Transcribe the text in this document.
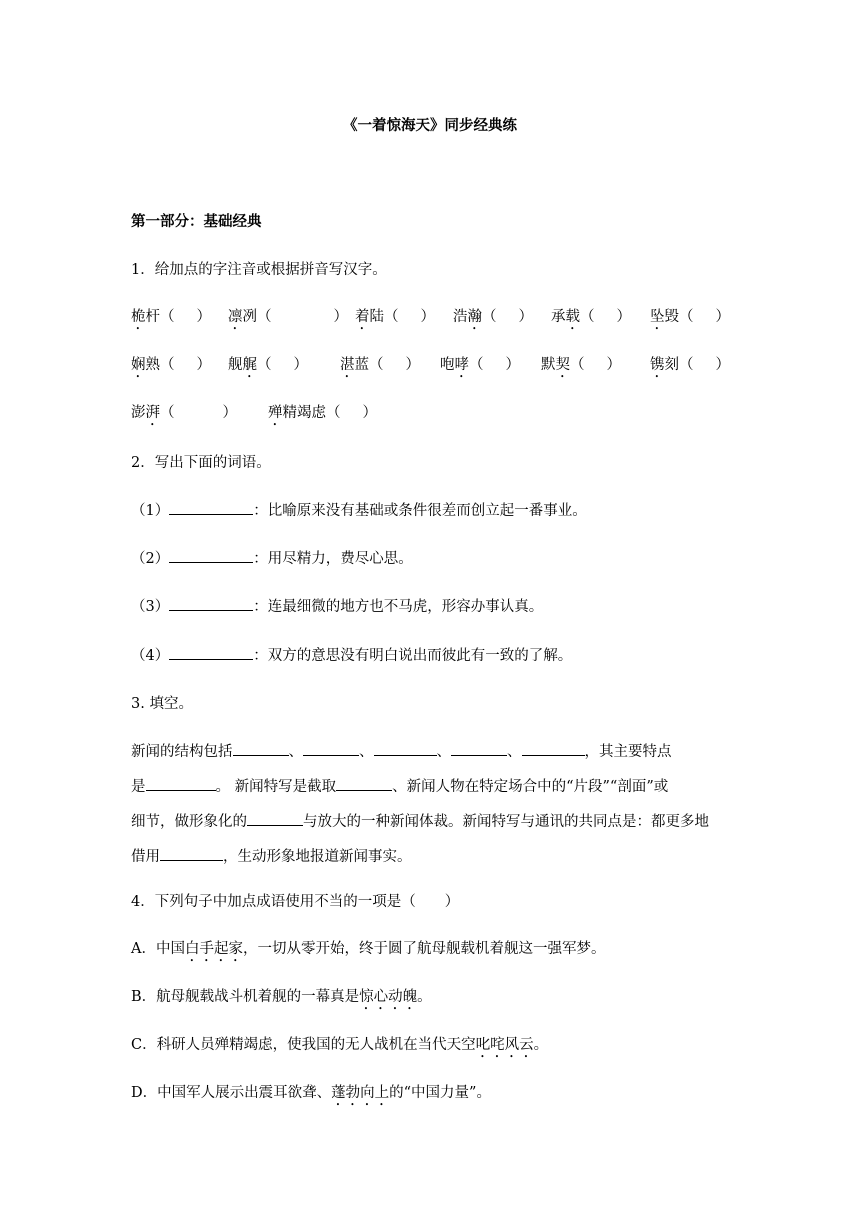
《一着惊海天》同步经典练
第一部分：基础经典
1．给加点的字注音或根据拼音写汉字。
桅杆（ ） 凛冽（	） 着陆（ ） 浩瀚（ ） 承载（ ） 坠毁（ ）
娴熟（ ） 舰艉（ ） 湛蓝（ ） 咆哮（ ） 默契（ ） 镌刻（ ）
澎湃（	） 殚精竭虑（ ）
2．写出下面的词语。
（1）	：比喻原来没有基础或条件很差而创立起一番事业。
（2）	：用尽精力，费尽心思。
（3）	：连最细微的地方也不马虎，形容办事认真。
（4）	：双方的意思没有明白说出而彼此有一致的了解。
3. 填空。
新闻的结构包括	、	、	、	、	，其主要特点
是	。 新闻特写是截取	、新闻人物在特定场合中的“片段”“剖面”或
细节，做形象化的	与放大的一种新闻体裁。新闻特写与通讯的共同点是：都更多地
借用	，生动形象地报道新闻事实。
4．下列句子中加点成语使用不当的一项是（　　）
A．中国白手起家，一切从零开始，终于圆了航母舰载机着舰这一强军梦。
B．航母舰载战斗机着舰的一幕真是惊心动魄。
C．科研人员殚精竭虑，使我国的无人战机在当代天空叱咤风云。
D．中国军人展示出震耳欲聋、蓬勃向上的“中国力量”。
